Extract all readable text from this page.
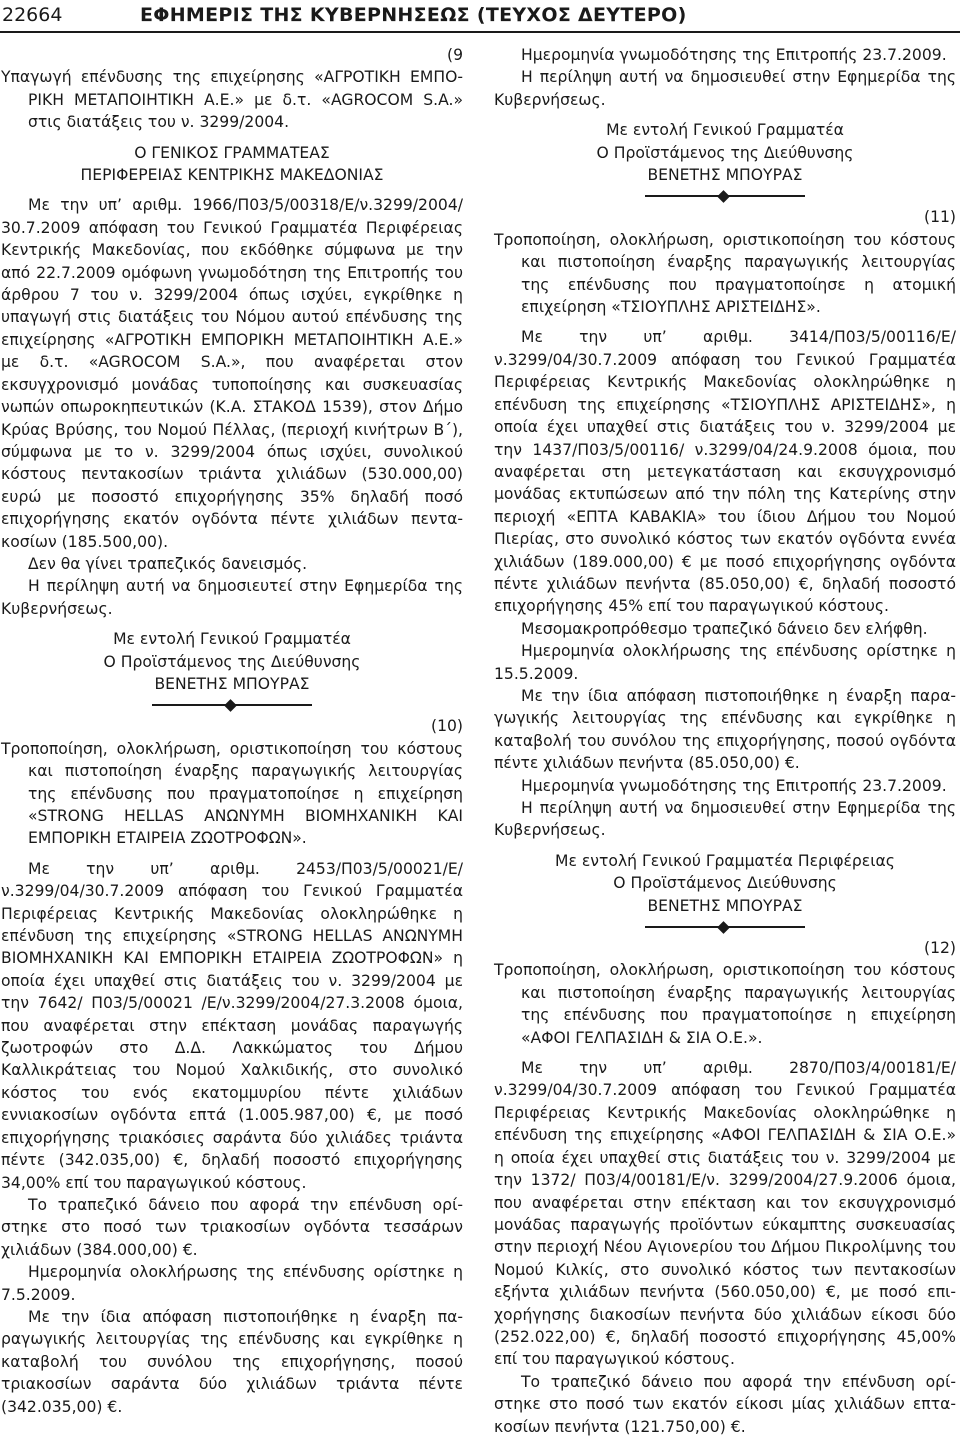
22664	ΕΦΗΜΕΡΙΣ ΤΗΣ ΚΥΒΕΡΝΗΣΕΩΣ (ΤΕΥΧΟΣ ΔΕΥΤΕΡΟ)

(9

Υπαγωγή επένδυσης της επιχείρησης «ΑΓΡΟΤΙΚΗ ΕΜΠΟΡΙΚΗ ΜΕΤΑΠΟΙΗΤΙΚΗ Α.Ε.» με δ.τ. «AGROCOM S.A.» στις διατάξεις του ν. 3299/2004.

Ο ΓΕΝΙΚΟΣ ΓΡΑΜΜΑΤΕΑΣ

ΠΕΡΙΦΕΡΕΙΑΣ ΚΕΝΤΡΙΚΗΣ ΜΑΚΕΔΟΝΙΑΣ

Με την υπ’ αριθμ. 1966/Π03/5/00318/Ε/ν.3299/2004/ 30.7.2009 απόφαση του Γενικού Γραμματέα Περιφέρειας Κεντρικής Μακεδονίας, που εκδόθηκε σύμφωνα με την από 22.7.2009 ομόφωνη γνωμοδότηση της Επιτροπής του άρθρου 7 του ν. 3299/2004 όπως ισχύει, εγκρίθηκε η υπαγωγή στις διατάξεις του Νόμου αυτού επένδυσης της επιχείρησης «ΑΓΡΟΤΙΚΗ ΕΜΠΟΡΙΚΗ ΜΕΤΑΠΟΙΗΤΙΚΗ Α.Ε.» με δ.τ. «AGROCOM S.A.», που αναφέρεται στον εκσυγχρονισμό μονάδας τυποποίησης και συσκευασίας νωπών οπωροκηπευτικών (Κ.Α. ΣΤΑΚΟΔ 1539), στον Δήμο Κρύας Βρύσης, του Νομού Πέλλας, (περιοχή κινήτρων Β΄), σύμφωνα με το ν. 3299/2004 όπως ισχύει, συνολικού κόστους πεντακοσίων τριάντα χιλιάδων (530.000,00) ευρώ με ποσοστό επιχορήγησης 35% δηλαδή ποσό επιχορήγησης εκατόν ογδόντα πέντε χιλιάδων πεντακοσίων (185.500,00).

Δεν θα γίνει τραπεζικός δανεισμός.

Η περίληψη αυτή να δημοσιευτεί στην Εφημερίδα της Κυβερνήσεως.

Με εντολή Γενικού Γραμματέα

Ο Προϊστάμενος της Διεύθυνσης

ΒΕΝΕΤΗΣ ΜΠΟΥΡΑΣ

(10)

Τροποποίηση, ολοκλήρωση, οριστικοποίηση του κόστους και πιστοποίηση έναρξης παραγωγικής λειτουργίας της επένδυσης που πραγματοποίησε η επιχείρηση «STRONG HELLAS ΑΝΩΝΥΜΗ ΒΙΟΜΗΧΑΝΙΚΗ ΚΑΙ ΕΜΠΟΡΙΚΗ ΕΤΑΙΡΕΙΑ ΖΩΟΤΡΟΦΩΝ».

Με την υπ’ αριθμ. 2453/Π03/5/00021/Ε/ν.3299/04/30.7.2009 απόφαση του Γενικού Γραμματέα Περιφέρειας Κεντρικής Μακεδονίας ολοκληρώθηκε η επένδυση της επιχείρησης «STRONG HELLAS ΑΝΩΝΥΜΗ ΒΙΟΜΗΧΑΝΙΚΗ ΚΑΙ ΕΜΠΟΡΙΚΗ ΕΤΑΙΡΕΙΑ ΖΩΟΤΡΟΦΩΝ» η οποία έχει υπαχθεί στις διατάξεις του ν. 3299/2004 με την 7642/ Π03/5/00021 /Ε/ν.3299/2004/27.3.2008 όμοια, που αναφέρεται στην επέκταση μονάδας παραγωγής ζωοτροφών στο Δ.Δ. Λακκώματος του Δήμου Καλλικράτειας του Νομού Χαλκιδικής, στο συνολικό κόστος του ενός εκατομμυρίου πέντε χιλιάδων εννιακοσίων ογδόντα επτά (1.005.987,00) €, με ποσό επιχορήγησης τριακόσιες σαράντα δύο χιλιάδες τριάντα πέντε (342.035,00) €, δηλαδή ποσοστό επιχορήγησης 34,00% επί του παραγωγικού κόστους.

Το τραπεζικό δάνειο που αφορά την επένδυση ορίστηκε στο ποσό των τριακοσίων ογδόντα τεσσάρων χιλιάδων (384.000,00) €.

Ημερομηνία ολοκλήρωσης της επένδυσης ορίστηκε η 7.5.2009.

Με την ίδια απόφαση πιστοποιήθηκε η έναρξη παραγωγικής λειτουργίας της επένδυσης και εγκρίθηκε η καταβολή του συνόλου της επιχορήγησης, ποσού τριακοσίων σαράντα δύο χιλιάδων τριάντα πέντε (342.035,00) €.

Ημερομηνία γνωμοδότησης της Επιτροπής 23.7.2009.

Η περίληψη αυτή να δημοσιευθεί στην Εφημερίδα της Κυβερνήσεως.

Με εντολή Γενικού Γραμματέα

Ο Προϊστάμενος της Διεύθυνσης

ΒΕΝΕΤΗΣ ΜΠΟΥΡΑΣ

(11)

Τροποποίηση, ολοκλήρωση, οριστικοποίηση του κόστους και πιστοποίηση έναρξης παραγωγικής λειτουργίας της επένδυσης που πραγματοποίησε η ατομική επιχείρηση «ΤΣΙΟΥΠΛΗΣ ΑΡΙΣΤΕΙΔΗΣ».

Με την υπ’ αριθμ. 3414/Π03/5/00116/Ε/ν.3299/04/30.7.2009 απόφαση του Γενικού Γραμματέα Περιφέρειας Κεντρικής Μακεδονίας ολοκληρώθηκε η επένδυση της επιχείρησης «ΤΣΙΟΥΠΛΗΣ ΑΡΙΣΤΕΙΔΗΣ», η οποία έχει υπαχθεί στις διατάξεις του ν. 3299/2004 με την 1437/Π03/5/00116/ ν.3299/04/24.9.2008 όμοια, που αναφέρεται στη μετεγκατάσταση και εκσυγχρονισμό μονάδας εκτυπώσεων από την πόλη της Κατερίνης στην περιοχή «ΕΠΤΑ ΚΑΒΑΚΙΑ» του ίδιου Δήμου του Νομού Πιερίας, στο συνολικό κόστος των εκατόν ογδόντα εννέα χιλιάδων (189.000,00) € με ποσό επιχορήγησης ογδόντα πέντε χιλιάδων πενήντα (85.050,00) €, δηλαδή ποσοστό επιχορήγησης 45% επί του παραγωγικού κόστους.

Μεσομακροπρόθεσμο τραπεζικό δάνειο δεν ελήφθη.

Ημερομηνία ολοκλήρωσης της επένδυσης ορίστηκε η 15.5.2009.

Με την ίδια απόφαση πιστοποιήθηκε η έναρξη παραγωγικής λειτουργίας της επένδυσης και εγκρίθηκε η καταβολή του συνόλου της επιχορήγησης, ποσού ογδόντα πέντε χιλιάδων πενήντα (85.050,00) €.

Ημερομηνία γνωμοδότησης της Επιτροπής 23.7.2009.

Η περίληψη αυτή να δημοσιευθεί στην Εφημερίδα της Κυβερνήσεως.

Με εντολή Γενικού Γραμματέα Περιφέρειας

Ο Προϊστάμενος Διεύθυνσης

ΒΕΝΕΤΗΣ ΜΠΟΥΡΑΣ

(12)

Τροποποίηση, ολοκλήρωση, οριστικοποίηση του κόστους και πιστοποίηση έναρξης παραγωγικής λειτουργίας της επένδυσης που πραγματοποίησε η επιχείρηση «ΑΦΟΙ ΓΕΛΠΑΣΙΔΗ & ΣΙΑ Ο.Ε.».

Με την υπ’ αριθμ. 2870/Π03/4/00181/Ε/ν.3299/04/30.7.2009 απόφαση του Γενικού Γραμματέα Περιφέρειας Κεντρικής Μακεδονίας ολοκληρώθηκε η επένδυση της επιχείρησης «ΑΦΟΙ ΓΕΛΠΑΣΙΔΗ & ΣΙΑ Ο.Ε.» η οποία έχει υπαχθεί στις διατάξεις του ν. 3299/2004 με την 1372/ Π03/4/00181/Ε/ν. 3299/2004/27.9.2006 όμοια, που αναφέρεται στην επέκταση και τον εκσυγχρονισμό μονάδας παραγωγής προϊόντων εύκαμπτης συσκευασίας στην περιοχή Νέου Αγιονερίου του Δήμου Πικρολίμνης του Νομού Κιλκίς, στο συνολικό κόστος των πεντακοσίων εξήντα χιλιάδων πενήντα (560.050,00) €, με ποσό επιχορήγησης διακοσίων πενήντα δύο χιλιάδων είκοσι δύο (252.022,00) €, δηλαδή ποσοστό επιχορήγησης 45,00% επί του παραγωγικού κόστους.

Το τραπεζικό δάνειο που αφορά την επένδυση ορίστηκε στο ποσό των εκατόν είκοσι μίας χιλιάδων επτακοσίων πενήντα (121.750,00) €.
